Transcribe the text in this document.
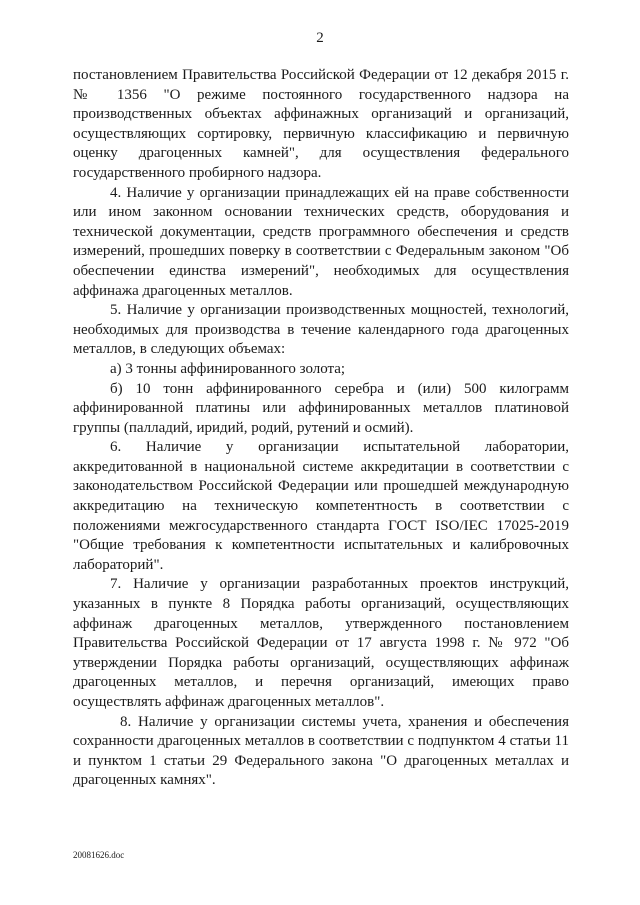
2

постановлением Правительства Российской Федерации от 12 декабря 2015 г. № 1356 "О режиме постоянного государственного надзора на производственных объектах аффинажных организаций и организаций, осуществляющих сортировку, первичную классификацию и первичную оценку драгоценных камней", для осуществления федерального государственного пробирного надзора.

4. Наличие у организации принадлежащих ей на праве собственности или ином законном основании технических средств, оборудования и технической документации, средств программного обеспечения и средств измерений, прошедших поверку в соответствии с Федеральным законом "Об обеспечении единства измерений", необходимых для осуществления аффинажа драгоценных металлов.

5. Наличие у организации производственных мощностей, технологий, необходимых для производства в течение календарного года драгоценных металлов, в следующих объемах:

а) 3 тонны аффинированного золота;

б) 10 тонн аффинированного серебра и (или) 500 килограмм аффинированной платины или аффинированных металлов платиновой группы (палладий, иридий, родий, рутений и осмий).

6. Наличие у организации испытательной лаборатории, аккредитованной в национальной системе аккредитации в соответствии с законодательством Российской Федерации или прошедшей международную аккредитацию на техническую компетентность в соответствии с положениями межгосударственного стандарта ГОСТ ISO/IEC 17025-2019 "Общие требования к компетентности испытательных и калибровочных лабораторий".

7. Наличие у организации разработанных проектов инструкций, указанных в пункте 8 Порядка работы организаций, осуществляющих аффинаж драгоценных металлов, утвержденного постановлением Правительства Российской Федерации от 17 августа 1998 г. № 972 "Об утверждении Порядка работы организаций, осуществляющих аффинаж драгоценных металлов, и перечня организаций, имеющих право осуществлять аффинаж драгоценных металлов".

8. Наличие у организации системы учета, хранения и обеспечения сохранности драгоценных металлов в соответствии с подпунктом 4 статьи 11 и пунктом 1 статьи 29 Федерального закона "О драгоценных металлах и драгоценных камнях".

20081626.doc
